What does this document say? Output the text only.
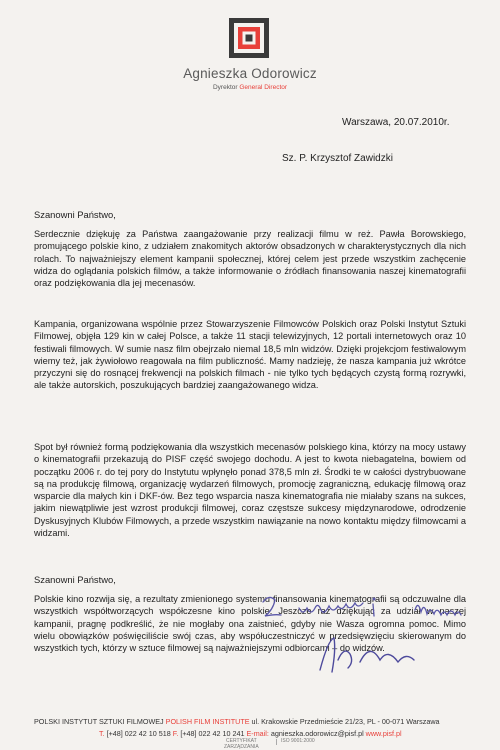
Agnieszka Odorowicz
Dyrektor General Director
Warszawa, 20.07.2010r.
Sz. P. Krzysztof Zawidzki

Szanowni Państwo,

Serdecznie dziękuję za Państwa zaangażowanie przy realizacji filmu w reż. Pawła Borowskiego, promującego polskie kino, z udziałem znakomitych aktorów obsadzonych w charakterystycznych dla nich rolach. To najważniejszy element kampanii społecznej, której celem jest przede wszystkim zachęcenie widza do oglądania polskich filmów, a także informowanie o źródłach finansowania naszej kinematografii oraz podziękowania dla jej mecenasów.

Kampania, organizowana wspólnie przez Stowarzyszenie Filmowców Polskich oraz Polski Instytut Sztuki Filmowej, objęła 129 kin w całej Polsce, a także 11 stacji telewizyjnych, 12 portali internetowych oraz 10 festiwali filmowych. W sumie nasz film obejrzało niemal 18,5 mln widzów. Dzięki projekcjom festiwalowym wiemy też, jak żywiołowo reagowała na film publiczność. Mamy nadzieję, że nasza kampania już wkrótce przyczyni się do rosnącej frekwencji na polskich filmach - nie tylko tych będących czystą formą rozrywki, ale także autorskich, poszukujących bardziej zaangażowanego widza.

Spot był również formą podziękowania dla wszystkich mecenasów polskiego kina, którzy na mocy ustawy o kinematografii przekazują do PISF część swojego dochodu. A jest to kwota niebagatelna, bowiem od początku 2006 r. do tej pory do Instytutu wpłynęło ponad 378,5 mln zł. Środki te w całości dystrybuowane są na produkcję filmową, organizację wydarzeń filmowych, promocję zagraniczną, edukację filmową oraz wsparcie dla małych kin i DKF-ów. Bez tego wsparcia nasza kinematografia nie miałaby szans na sukces, jakim niewątpliwie jest wzrost produkcji filmowej, coraz częstsze sukcesy międzynarodowe, odrodzenie Dyskusyjnych Klubów Filmowych, a przede wszystkim nawiązanie na nowo kontaktu między filmowcami a widzami.

Szanowni Państwo,

Polskie kino rozwija się, a rezultaty zmienionego systemu finansowania kinematografii są odczuwalne dla wszystkich współtworzących współczesne kino polskie. Jeszcze raz dziękując za udział w naszej kampanii, pragnę podkreślić, że nie mogłaby ona zaistnieć, gdyby nie Wasza ogromna pomoc. Mimo wielu obowiązków poświęciliście swój czas, aby współuczestniczyć w przedsięwzięciu skierowanym do wszystkich tych, którzy w sztuce filmowej są najważniejszymi odbiorcami – do widzów.

POLSKI INSTYTUT SZTUKI FILMOWEJ POLISH FILM INSTITUTE ul. Krakowskie Przedmieście 21/23, PL - 00-071 Warszawa
T. [+48] 022 42 10 518 F. [+48] 022 42 10 241 E-mail: agnieszka.odorowicz@pisf.pl www.pisf.pl
CERTYFIKAT
ZARZĄDZANIA
ISO 9001:2000
